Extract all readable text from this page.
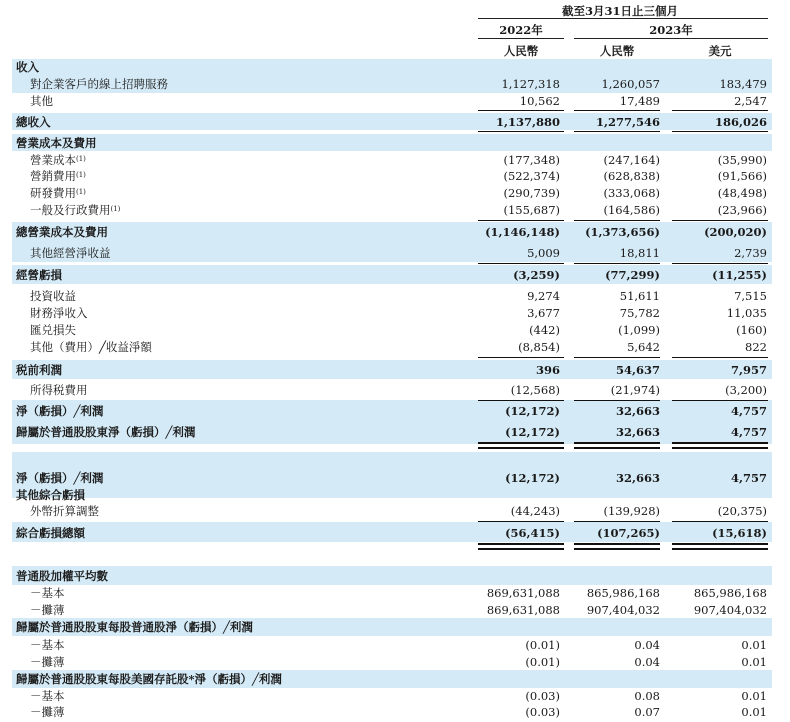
截至3月31日止三個月
2022年	2023年
人民幣	人民幣	美元
收入
對企業客戶的線上招聘服務	1,127,318	1,260,057	183,479
其他	10,562	17,489	2,547
總收入	1,137,880	1,277,546	186,026
營業成本及費用
營業成本$^{(1)}$	(177,348)	(247,164)	(35,990)
營銷費用$^{(1)}$	(522,374)	(628,838)	(91,566)
研發費用$^{(1)}$	(290,739)	(333,068)	(48,498)
一般及行政費用$^{(1)}$	(155,687)	(164,586)	(23,966)
總營業成本及費用	(1,146,148)	(1,373,656)	(200,020)
其他經營淨收益	5,009	18,811	2,739
經營虧損	(3,259)	(77,299)	(11,255)
投資收益	9,274	51,611	7,515
財務淨收入	3,677	75,782	11,035
匯兑損失	(442)	(1,099)	(160)
其他（費用）╱收益淨額	(8,854)	5,642	822
税前利潤	396	54,637	7,957
所得税費用	(12,568)	(21,974)	(3,200)
淨（虧損）╱利潤	(12,172)	32,663	4,757
歸屬於普通股股東淨（虧損）╱利潤	(12,172)	32,663	4,757
淨（虧損）╱利潤	(12,172)	32,663	4,757
其他綜合虧損
外幣折算調整	(44,243)	(139,928)	(20,375)
綜合虧損總額	(56,415)	(107,265)	(15,618)
普通股加權平均數
－基本	869,631,088	865,986,168	865,986,168
－攤薄	869,631,088	907,404,032	907,404,032
歸屬於普通股股東每股普通股淨（虧損）╱利潤
－基本	(0.01)	0.04	0.01
－攤薄	(0.01)	0.04	0.01
歸屬於普通股股東每股美國存託股*淨（虧損）╱利潤
－基本	(0.03)	0.08	0.01
－攤薄	(0.03)	0.07	0.01
